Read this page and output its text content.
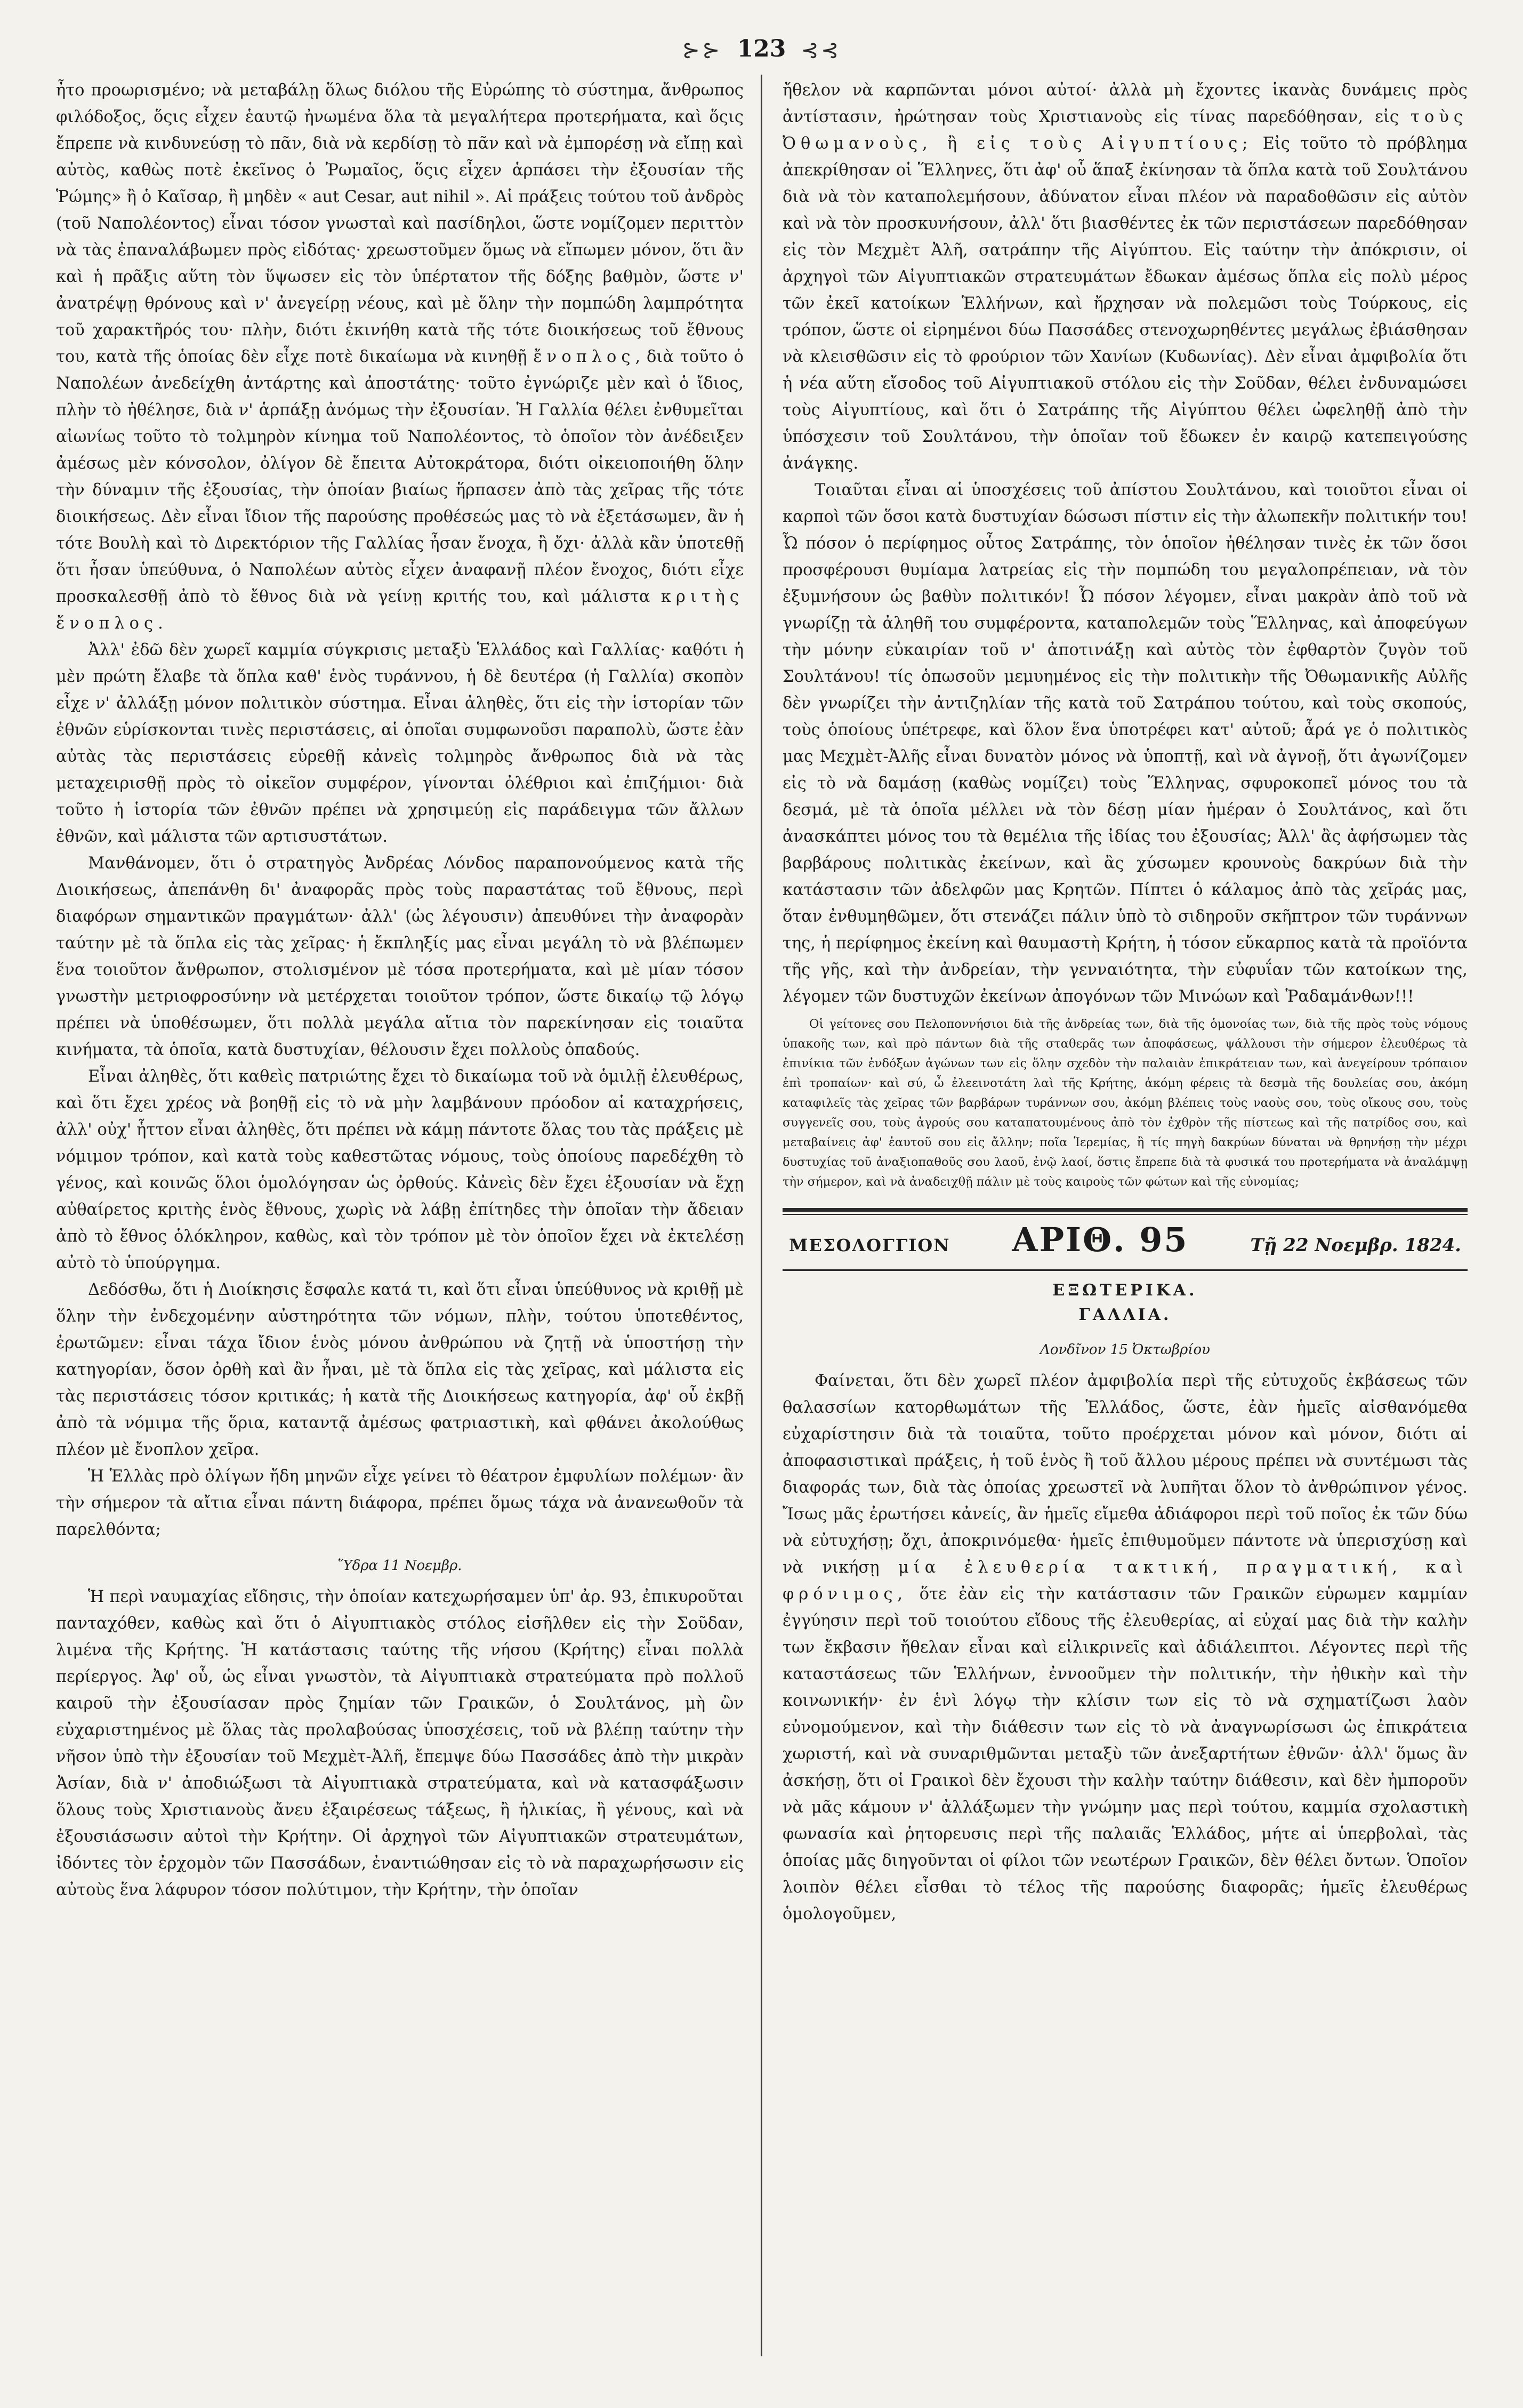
⊱⊱ 123 ⊰⊰

ἦτο προωρισμένο; νὰ μεταβάλῃ ὅλως διόλου τῆς Εὐρώπης τὸ σύστημα, ἄνθρωπος φιλόδοξος, ὅςις εἶχεν ἑαυτῷ ἠνωμένα ὅλα τὰ μεγαλήτερα προτερήματα, καὶ ὅςις ἔπρεπε νὰ κινδυνεύσῃ τὸ πᾶν, διὰ νὰ κερδίσῃ τὸ πᾶν καὶ νὰ ἐμπορέσῃ νὰ εἴπῃ καὶ αὐτὸς, καθὼς ποτὲ ἐκεῖνος ὁ Ῥωμαῖος, ὅςις εἶχεν ἁρπάσει τὴν ἐξουσίαν τῆς Ῥώμης» ἢ ὁ Καῖσαρ, ἢ μηδὲν « aut Cesar, aut nihil ». Αἱ πράξεις τούτου τοῦ ἀνδρὸς (τοῦ Ναπολέοντος) εἶναι τόσον γνωσταὶ καὶ πασίδηλοι, ὥστε νομίζομεν περιττὸν νὰ τὰς ἐπαναλάβωμεν πρὸς εἰδότας· χρεωστοῦμεν ὅμως νὰ εἴπωμεν μόνον, ὅτι ἂν καὶ ἡ πρᾶξις αὕτη τὸν ὕψωσεν εἰς τὸν ὑπέρτατον τῆς δόξης βαθμὸν, ὥστε ν' ἀνατρέψῃ θρόνους καὶ ν' ἀνεγείρῃ νέους, καὶ μὲ ὅλην τὴν πομπώδη λαμπρότητα τοῦ χαρακτῆρός του· πλὴν, διότι ἐκινήθη κατὰ τῆς τότε διοικήσεως τοῦ ἔθνους του, κατὰ τῆς ὁποίας δὲν εἶχε ποτὲ δικαίωμα νὰ κινηθῇ ἔνοπλος, διὰ τοῦτο ὁ Ναπολέων ἀνεδείχθη ἀντάρτης καὶ ἀποστάτης· τοῦτο ἐγνώριζε μὲν καὶ ὁ ἴδιος, πλὴν τὸ ἠθέλησε, διὰ ν' ἁρπάξῃ ἀνόμως τὴν ἐξουσίαν. Ἡ Γαλλία θέλει ἐνθυμεῖται αἰωνίως τοῦτο τὸ τολμηρὸν κίνημα τοῦ Ναπολέοντος, τὸ ὁποῖον τὸν ἀνέδειξεν ἀμέσως μὲν κόνσολον, ὀλίγον δὲ ἔπειτα Αὐτοκράτορα, διότι οἰκειοποιήθη ὅλην τὴν δύναμιν τῆς ἐξουσίας, τὴν ὁποίαν βιαίως ἥρπασεν ἀπὸ τὰς χεῖρας τῆς τότε διοικήσεως. Δὲν εἶναι ἴδιον τῆς παρούσης προθέσεώς μας τὸ νὰ ἐξετάσωμεν, ἂν ἡ τότε Βουλὴ καὶ τὸ Διρεκτόριον τῆς Γαλλίας ἦσαν ἔνοχα, ἢ ὄχι· ἀλλὰ κἂν ὑποτεθῇ ὅτι ἦσαν ὑπεύθυνα, ὁ Ναπολέων αὐτὸς εἶχεν ἀναφανῇ πλέον ἔνοχος, διότι εἶχε προσκαλεσθῇ ἀπὸ τὸ ἔθνος διὰ νὰ γείνῃ κριτής του, καὶ μάλιστα κριτὴς ἔνοπλος.

Ἀλλ' ἐδῶ δὲν χωρεῖ καμμία σύγκρισις μεταξὺ Ἑλλάδος καὶ Γαλλίας· καθότι ἡ μὲν πρώτη ἔλαβε τὰ ὅπλα καθ' ἑνὸς τυράννου, ἡ δὲ δευτέρα (ἡ Γαλλία) σκοπὸν εἶχε ν' ἀλλάξῃ μόνον πολιτικὸν σύστημα. Εἶναι ἀληθὲς, ὅτι εἰς τὴν ἱστορίαν τῶν ἐθνῶν εὑρίσκονται τινὲς περιστάσεις, αἱ ὁποῖαι συμφωνοῦσι παραπολὺ, ὥστε ἐὰν αὐτὰς τὰς περιστάσεις εὑρεθῇ κἀνεὶς τολμηρὸς ἄνθρωπος διὰ νὰ τὰς μεταχειρισθῇ πρὸς τὸ οἰκεῖον συμφέρον, γίνονται ὀλέθριοι καὶ ἐπιζήμιοι· διὰ τοῦτο ἡ ἱστορία τῶν ἐθνῶν πρέπει νὰ χρησιμεύῃ εἰς παράδειγμα τῶν ἄλλων ἐθνῶν, καὶ μάλιστα τῶν αρτισυστάτων.

Μανθάνομεν, ὅτι ὁ στρατηγὸς Ἀνδρέας Λόνδος παραπονούμενος κατὰ τῆς Διοικήσεως, ἀπεπάνθη δι' ἀναφορᾶς πρὸς τοὺς παραστάτας τοῦ ἔθνους, περὶ διαφόρων σημαντικῶν πραγμάτων· ἀλλ' (ὡς λέγουσιν) ἀπευθύνει τὴν ἀναφορὰν ταύτην μὲ τὰ ὅπλα εἰς τὰς χεῖρας· ἡ ἔκπληξίς μας εἶναι μεγάλη τὸ νὰ βλέπωμεν ἕνα τοιοῦτον ἄνθρωπον, στολισμένον μὲ τόσα προτερήματα, καὶ μὲ μίαν τόσον γνωστὴν μετριοφροσύνην νὰ μετέρχεται τοιοῦτον τρόπον, ὥστε δικαίῳ τῷ λόγῳ πρέπει νὰ ὑποθέσωμεν, ὅτι πολλὰ μεγάλα αἴτια τὸν παρεκίνησαν εἰς τοιαῦτα κινήματα, τὰ ὁποῖα, κατὰ δυστυχίαν, θέλουσιν ἔχει πολλοὺς ὀπαδούς.

Εἶναι ἀληθὲς, ὅτι καθεὶς πατριώτης ἔχει τὸ δικαίωμα τοῦ νὰ ὁμιλῇ ἐλευθέρως, καὶ ὅτι ἔχει χρέος νὰ βοηθῇ εἰς τὸ νὰ μὴν λαμβάνουν πρόοδον αἱ καταχρήσεις, ἀλλ' οὐχ' ἧττον εἶναι ἀληθὲς, ὅτι πρέπει νὰ κάμῃ πάντοτε ὅλας του τὰς πράξεις μὲ νόμιμον τρόπον, καὶ κατὰ τοὺς καθεστῶτας νόμους, τοὺς ὁποίους παρεδέχθη τὸ γένος, καὶ κοινῶς ὅλοι ὁμολόγησαν ὡς ὀρθούς. Κἀνεὶς δὲν ἔχει ἐξουσίαν νὰ ἔχῃ αὐθαίρετος κριτὴς ἑνὸς ἔθνους, χωρὶς νὰ λάβῃ ἐπίτηδες τὴν ὁποῖαν τὴν ἄδειαν ἀπὸ τὸ ἔθνος ὁλόκληρον, καθὼς, καὶ τὸν τρόπον μὲ τὸν ὁποῖον ἔχει νὰ ἐκτελέσῃ αὐτὸ τὸ ὑπούργημα.

Δεδόσθω, ὅτι ἡ Διοίκησις ἔσφαλε κατά τι, καὶ ὅτι εἶναι ὑπεύθυνος νὰ κριθῇ μὲ ὅλην τὴν ἐνδεχομένην αὐστηρότητα τῶν νόμων, πλὴν, τούτου ὑποτεθέντος, ἐρωτῶμεν: εἶναι τάχα ἴδιον ἑνὸς μόνου ἀνθρώπου νὰ ζητῇ νὰ ὑποστήσῃ τὴν κατηγορίαν, ὅσον ὀρθὴ καὶ ἂν ἦναι, μὲ τὰ ὅπλα εἰς τὰς χεῖρας, καὶ μάλιστα εἰς τὰς περιστάσεις τόσον κριτικάς; ἡ κατὰ τῆς Διοικήσεως κατηγορία, ἀφ' οὗ ἐκβῇ ἀπὸ τὰ νόμιμα τῆς ὅρια, καταντᾷ ἀμέσως φατριαστικὴ, καὶ φθάνει ἀκολούθως πλέον μὲ ἔνοπλον χεῖρα.

Ἡ Ἑλλὰς πρὸ ὀλίγων ἤδη μηνῶν εἶχε γείνει τὸ θέατρον ἐμφυλίων πολέμων· ἂν τὴν σήμερον τὰ αἴτια εἶναι πάντη διάφορα, πρέπει ὅμως τάχα νὰ ἀνανεωθοῦν τὰ παρελθόντα;

Ὕδρα 11 Νοεμβρ.

Ἡ περὶ ναυμαχίας εἴδησις, τὴν ὁποίαν κατεχωρήσαμεν ὑπ' ἀρ. 93, ἐπικυροῦται πανταχόθεν, καθὼς καὶ ὅτι ὁ Αἰγυπτιακὸς στόλος εἰσῆλθεν εἰς τὴν Σοῦδαν, λιμένα τῆς Κρήτης. Ἡ κατάστασις ταύτης τῆς νήσου (Κρήτης) εἶναι πολλὰ περίεργος. Ἀφ' οὗ, ὡς εἶναι γνωστὸν, τὰ Αἰγυπτιακὰ στρατεύματα πρὸ πολλοῦ καιροῦ τὴν ἐξουσίασαν πρὸς ζημίαν τῶν Γραικῶν, ὁ Σουλτάνος, μὴ ὢν εὐχαριστημένος μὲ ὅλας τὰς προλαβούσας ὑποσχέσεις, τοῦ νὰ βλέπῃ ταύτην τὴν νῆσον ὑπὸ τὴν ἐξουσίαν τοῦ Μεχμὲτ-Ἀλῆ, ἔπεμψε δύω Πασσάδες ἀπὸ τὴν μικρὰν Ἀσίαν, διὰ ν' ἀποδιώξωσι τὰ Αἰγυπτιακὰ στρατεύματα, καὶ νὰ κατασφάξωσιν ὅλους τοὺς Χριστιανοὺς ἄνευ ἐξαιρέσεως τάξεως, ἢ ἡλικίας, ἢ γένους, καὶ νὰ ἐξουσιάσωσιν αὐτοὶ τὴν Κρήτην. Οἱ ἀρχηγοὶ τῶν Αἰγυπτιακῶν στρατευμάτων, ἰδόντες τὸν ἐρχομὸν τῶν Πασσάδων, ἐναντιώθησαν εἰς τὸ νὰ παραχωρήσωσιν εἰς αὐτοὺς ἕνα λάφυρον τόσον πολύτιμον, τὴν Κρήτην, τὴν ὁποῖαν

ἤθελον νὰ καρπῶνται μόνοι αὐτοί· ἀλλὰ μὴ ἔχοντες ἱκανὰς δυνάμεις πρὸς ἀντίστασιν, ἠρώτησαν τοὺς Χριστιανοὺς εἰς τίνας παρεδόθησαν, εἰς τοὺς Ὀθωμανοὺς, ἢ εἰς τοὺς Αἰγυπτίους; Εἰς τοῦτο τὸ πρόβλημα ἀπεκρίθησαν οἱ Ἕλληνες, ὅτι ἀφ' οὗ ἅπαξ ἐκίνησαν τὰ ὅπλα κατὰ τοῦ Σουλτάνου διὰ νὰ τὸν καταπολεμήσουν, ἀδύνατον εἶναι πλέον νὰ παραδοθῶσιν εἰς αὐτὸν καὶ νὰ τὸν προσκυνήσουν, ἀλλ' ὅτι βιασθέντες ἐκ τῶν περιστάσεων παρεδόθησαν εἰς τὸν Μεχμὲτ Ἀλῆ, σατράπην τῆς Αἰγύπτου. Εἰς ταύτην τὴν ἀπόκρισιν, οἱ ἀρχηγοὶ τῶν Αἰγυπτιακῶν στρατευμάτων ἔδωκαν ἀμέσως ὅπλα εἰς πολὺ μέρος τῶν ἐκεῖ κατοίκων Ἑλλήνων, καὶ ἤρχησαν νὰ πολεμῶσι τοὺς Τούρκους, εἰς τρόπον, ὥστε οἱ εἰρημένοι δύω Πασσάδες στενοχωρηθέντες μεγάλως ἐβιάσθησαν νὰ κλεισθῶσιν εἰς τὸ φρούριον τῶν Χανίων (Κυδωνίας). Δὲν εἶναι ἀμφιβολία ὅτι ἡ νέα αὕτη εἴσοδος τοῦ Αἰγυπτιακοῦ στόλου εἰς τὴν Σοῦδαν, θέλει ἐνδυναμώσει τοὺς Αἰγυπτίους, καὶ ὅτι ὁ Σατράπης τῆς Αἰγύπτου θέλει ὠφεληθῇ ἀπὸ τὴν ὑπόσχεσιν τοῦ Σουλτάνου, τὴν ὁποῖαν τοῦ ἔδωκεν ἐν καιρῷ κατεπειγούσης ἀνάγκης.

Τοιαῦται εἶναι αἱ ὑποσχέσεις τοῦ ἀπίστου Σουλτάνου, καὶ τοιοῦτοι εἶναι οἱ καρποὶ τῶν ὅσοι κατὰ δυστυχίαν δώσωσι πίστιν εἰς τὴν ἀλωπεκῆν πολιτικήν του! Ὦ πόσον ὁ περίφημος οὗτος Σατράπης, τὸν ὁποῖον ἠθέλησαν τινὲς ἐκ τῶν ὅσοι προσφέρουσι θυμίαμα λατρείας εἰς τὴν πομπώδη του μεγαλοπρέπειαν, νὰ τὸν ἐξυμνήσουν ὡς βαθὺν πολιτικόν! Ὦ πόσον λέγομεν, εἶναι μακρὰν ἀπὸ τοῦ νὰ γνωρίζῃ τὰ ἀληθῆ του συμφέροντα, καταπολεμῶν τοὺς Ἕλληνας, καὶ ἀποφεύγων τὴν μόνην εὐκαιρίαν τοῦ ν' ἀποτινάξῃ καὶ αὐτὸς τὸν ἐφθαρτὸν ζυγὸν τοῦ Σουλτάνου! τίς ὁπωσοῦν μεμυημένος εἰς τὴν πολιτικὴν τῆς Ὀθωμανικῆς Αὐλῆς δὲν γνωρίζει τὴν ἀντιζηλίαν τῆς κατὰ τοῦ Σατράπου τούτου, καὶ τοὺς σκοπούς, τοὺς ὁποίους ὑπέτρεφε, καὶ ὅλον ἕνα ὑποτρέφει κατ' αὐτοῦ; ἆρά γε ὁ πολιτικὸς μας Μεχμὲτ-Ἀλῆς εἶναι δυνατὸν μόνος νὰ ὑποπτῇ, καὶ νὰ ἀγνοῇ, ὅτι ἀγωνίζομεν εἰς τὸ νὰ δαμάσῃ (καθὼς νομίζει) τοὺς Ἕλληνας, σφυροκοπεῖ μόνος του τὰ δεσμά, μὲ τὰ ὁποῖα μέλλει νὰ τὸν δέσῃ μίαν ἡμέραν ὁ Σουλτάνος, καὶ ὅτι ἀνασκάπτει μόνος του τὰ θεμέλια τῆς ἰδίας του ἐξουσίας; Ἀλλ' ἂς ἀφήσωμεν τὰς βαρβάρους πολιτικὰς ἐκείνων, καὶ ἂς χύσωμεν κρουνοὺς δακρύων διὰ τὴν κατάστασιν τῶν ἀδελφῶν μας Κρητῶν. Πίπτει ὁ κάλαμος ἀπὸ τὰς χεῖράς μας, ὅταν ἐνθυμηθῶμεν, ὅτι στενάζει πάλιν ὑπὸ τὸ σιδηροῦν σκῆπτρον τῶν τυράννων της, ἡ περίφημος ἐκείνη καὶ θαυμαστὴ Κρήτη, ἡ τόσον εὔκαρπος κατὰ τὰ προϊόντα τῆς γῆς, καὶ τὴν ἀνδρείαν, τὴν γενναιότητα, τὴν εὐφυΐαν τῶν κατοίκων της, λέγομεν τῶν δυστυχῶν ἐκείνων ἀπογόνων τῶν Μινώων καὶ Ῥαδαμάνθων!!!

Οἱ γείτονες σου Πελοποννήσιοι διὰ τῆς ἀνδρείας των, διὰ τῆς ὁμονοίας των, διὰ τῆς πρὸς τοὺς νόμους ὑπακοῆς των, καὶ πρὸ πάντων διὰ τῆς σταθερᾶς των ἀποφάσεως, ψάλλουσι τὴν σήμερον ἐλευθέρως τὰ ἐπινίκια τῶν ἐνδόξων ἀγώνων των εἰς ὅλην σχεδὸν τὴν παλαιὰν ἐπικράτειαν των, καὶ ἀνεγείρουν τρόπαιον ἐπὶ τροπαίων· καὶ σύ, ὦ ἐλεεινοτάτη λαὶ τῆς Κρήτης, ἀκόμη φέρεις τὰ δεσμὰ τῆς δουλείας σου, ἀκόμη καταφιλεῖς τὰς χεῖρας τῶν βαρβάρων τυράννων σου, ἀκόμη βλέπεις τοὺς ναοὺς σου, τοὺς οἴκους σου, τοὺς συγγενεῖς σου, τοὺς ἀγρούς σου καταπατουμένους ἀπὸ τὸν ἐχθρὸν τῆς πίστεως καὶ τῆς πατρίδος σου, καὶ μεταβαίνεις ἀφ' ἑαυτοῦ σου εἰς ἄλλην; ποῖα Ἱερεμίας, ἢ τίς πηγὴ δακρύων δύναται νὰ θρηνήσῃ τὴν μέχρι δυστυχίας τοῦ ἀναξιοπαθοῦς σου λαοῦ, ἐνῷ λαοί, ὅστις ἔπρεπε διὰ τὰ φυσικά του προτερήματα νὰ ἀναλάμψῃ τὴν σήμερον, καὶ νὰ ἀναδειχθῇ πάλιν μὲ τοὺς καιροὺς τῶν φώτων καὶ τῆς εὐνομίας;

ΜΕΣΟΛΟΓΓΙΟΝ ΑΡΙΘ. 95	Τῇ 22 Νοεμβρ. 1824.
ΕΞΩΤΕΡΙΚΑ.
ΓΑΛΛΙΑ.
Λονδῖνον 15 Ὀκτωβρίου

Φαίνεται, ὅτι δὲν χωρεῖ πλέον ἀμφιβολία περὶ τῆς εὐτυχοῦς ἐκβάσεως τῶν θαλασσίων κατορθωμάτων τῆς Ἑλλάδος, ὥστε, ἐὰν ἡμεῖς αἰσθανόμεθα εὐχαρίστησιν διὰ τὰ τοιαῦτα, τοῦτο προέρχεται μόνον καὶ μόνον, διότι αἱ ἀποφασιστικαὶ πράξεις, ἡ τοῦ ἑνὸς ἢ τοῦ ἄλλου μέρους πρέπει νὰ συντέμωσι τὰς διαφοράς των, διὰ τὰς ὁποίας χρεωστεῖ νὰ λυπῆται ὅλον τὸ ἀνθρώπινον γένος. Ἴσως μᾶς ἐρωτήσει κἀνείς, ἂν ἡμεῖς εἴμεθα ἀδιάφοροι περὶ τοῦ ποῖος ἐκ τῶν δύω νὰ εὐτυχήσῃ; ὄχι, ἀποκρινόμεθα· ἡμεῖς ἐπιθυμοῦμεν πάντοτε νὰ ὑπερισχύσῃ καὶ νὰ νικήσῃ μία ἐλευθερία τακτική, πραγματική, καὶ φρόνιμος, ὅτε ἐὰν εἰς τὴν κατάστασιν τῶν Γραικῶν εὑρωμεν καμμίαν ἐγγύησιν περὶ τοῦ τοιούτου εἴδους τῆς ἐλευθερίας, αἱ εὐχαί μας διὰ τὴν καλὴν των ἔκβασιν ἤθελαν εἶναι καὶ εἰλικρινεῖς καὶ ἀδιάλειπτοι. Λέγοντες περὶ τῆς καταστάσεως τῶν Ἑλλήνων, ἐννοοῦμεν τὴν πολιτικήν, τὴν ἠθικὴν καὶ τὴν κοινωνικήν· ἐν ἑνὶ λόγῳ τὴν κλίσιν των εἰς τὸ νὰ σχηματίζωσι λαὸν εὐνομούμενον, καὶ τὴν διάθεσιν των εἰς τὸ νὰ ἀναγνωρίσωσι ὡς ἐπικράτεια χωριστή, καὶ νὰ συναριθμῶνται μεταξὺ τῶν ἀνεξαρτήτων ἐθνῶν· ἀλλ' ὅμως ἂν ἀσκήσῃ, ὅτι οἱ Γραικοὶ δὲν ἔχουσι τὴν καλὴν ταύτην διάθεσιν, καὶ δὲν ἠμποροῦν νὰ μᾶς κάμουν ν' ἀλλάξωμεν τὴν γνώμην μας περὶ τούτου, καμμία σχολαστικὴ φωνασία καὶ ῥητορευσις περὶ τῆς παλαιᾶς Ἑλλάδος, μήτε αἱ ὑπερβολαὶ, τὰς ὁποίας μᾶς διηγοῦνται οἱ φίλοι τῶν νεωτέρων Γραικῶν, δὲν θέλει ὄντων. Ὁποῖον λοιπὸν θέλει εἶσθαι τὸ τέλος τῆς παρούσης διαφορᾶς; ἡμεῖς ἐλευθέρως ὁμολογοῦμεν,
